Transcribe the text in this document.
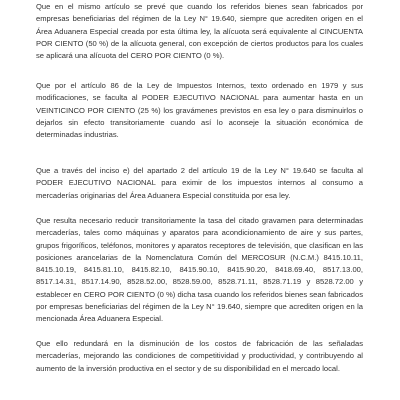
Que en el mismo artículo se prevé que cuando los referidos bienes sean fabricados por empresas beneficiarias del régimen de la Ley N° 19.640, siempre que acrediten origen en el Área Aduanera Especial creada por esta última ley, la alícuota será equivalente al CINCUENTA POR CIENTO (50 %) de la alícuota general, con excepción de ciertos productos para los cuales se aplicará una alícuota del CERO POR CIENTO (0 %).

Que por el artículo 86 de la Ley de Impuestos Internos, texto ordenado en 1979 y sus modificaciones, se faculta al PODER EJECUTIVO NACIONAL para aumentar hasta en un VEINTICINCO POR CIENTO (25 %) los gravámenes previstos en esa ley o para disminuirlos o dejarlos sin efecto transitoriamente cuando así lo aconseje la situación económica de determinadas industrias.

Que a través del inciso e) del apartado 2 del artículo 19 de la Ley N° 19.640 se faculta al PODER EJECUTIVO NACIONAL para eximir de los impuestos internos al consumo a mercaderías originarias del Área Aduanera Especial constituida por esa ley.

Que resulta necesario reducir transitoriamente la tasa del citado gravamen para determinadas mercaderías, tales como máquinas y aparatos para acondicionamiento de aire y sus partes, grupos frigoríficos, teléfonos, monitores y aparatos receptores de televisión, que clasifican en las posiciones arancelarias de la Nomenclatura Común del MERCOSUR (N.C.M.) 8415.10.11, 8415.10.19, 8415.81.10, 8415.82.10, 8415.90.10, 8415.90.20, 8418.69.40, 8517.13.00, 8517.14.31, 8517.14.90, 8528.52.00, 8528.59.00, 8528.71.11, 8528.71.19 y 8528.72.00 y establecer en CERO POR CIENTO (0 %) dicha tasa cuando los referidos bienes sean fabricados por empresas beneficiarias del régimen de la Ley N° 19.640, siempre que acrediten origen en la mencionada Área Aduanera Especial.

Que ello redundará en la disminución de los costos de fabricación de las señaladas mercaderías, mejorando las condiciones de competitividad y productividad, y contribuyendo al aumento de la inversión productiva en el sector y de su disponibilidad en el mercado local.
